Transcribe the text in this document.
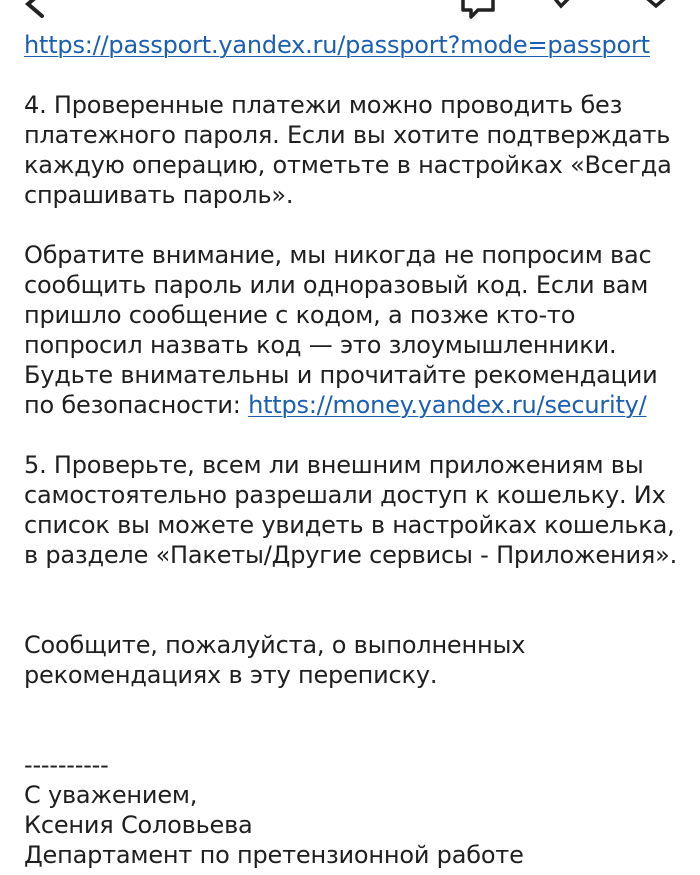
https://passport.yandex.ru/passport?mode=passport

4. Проверенные платежи можно проводить без платежного пароля. Если вы хотите подтверждать каждую операцию, отметьте в настройках «Всегда спрашивать пароль».

Обратите внимание, мы никогда не попросим вас сообщить пароль или одноразовый код. Если вам пришло сообщение с кодом, а позже кто-то попросил назвать код — это злоумышленники. Будьте внимательны и прочитайте рекомендации по безопасности: https://money.yandex.ru/security/

5. Проверьте, всем ли внешним приложениям вы самостоятельно разрешали доступ к кошельку. Их список вы можете увидеть в настройках кошелька, в разделе «Пакеты/Другие сервисы - Приложения».

Сообщите, пожалуйста, о выполненных рекомендациях в эту переписку.

----------

С уважением,

Ксения Соловьева

Департамент по претензионной работе
